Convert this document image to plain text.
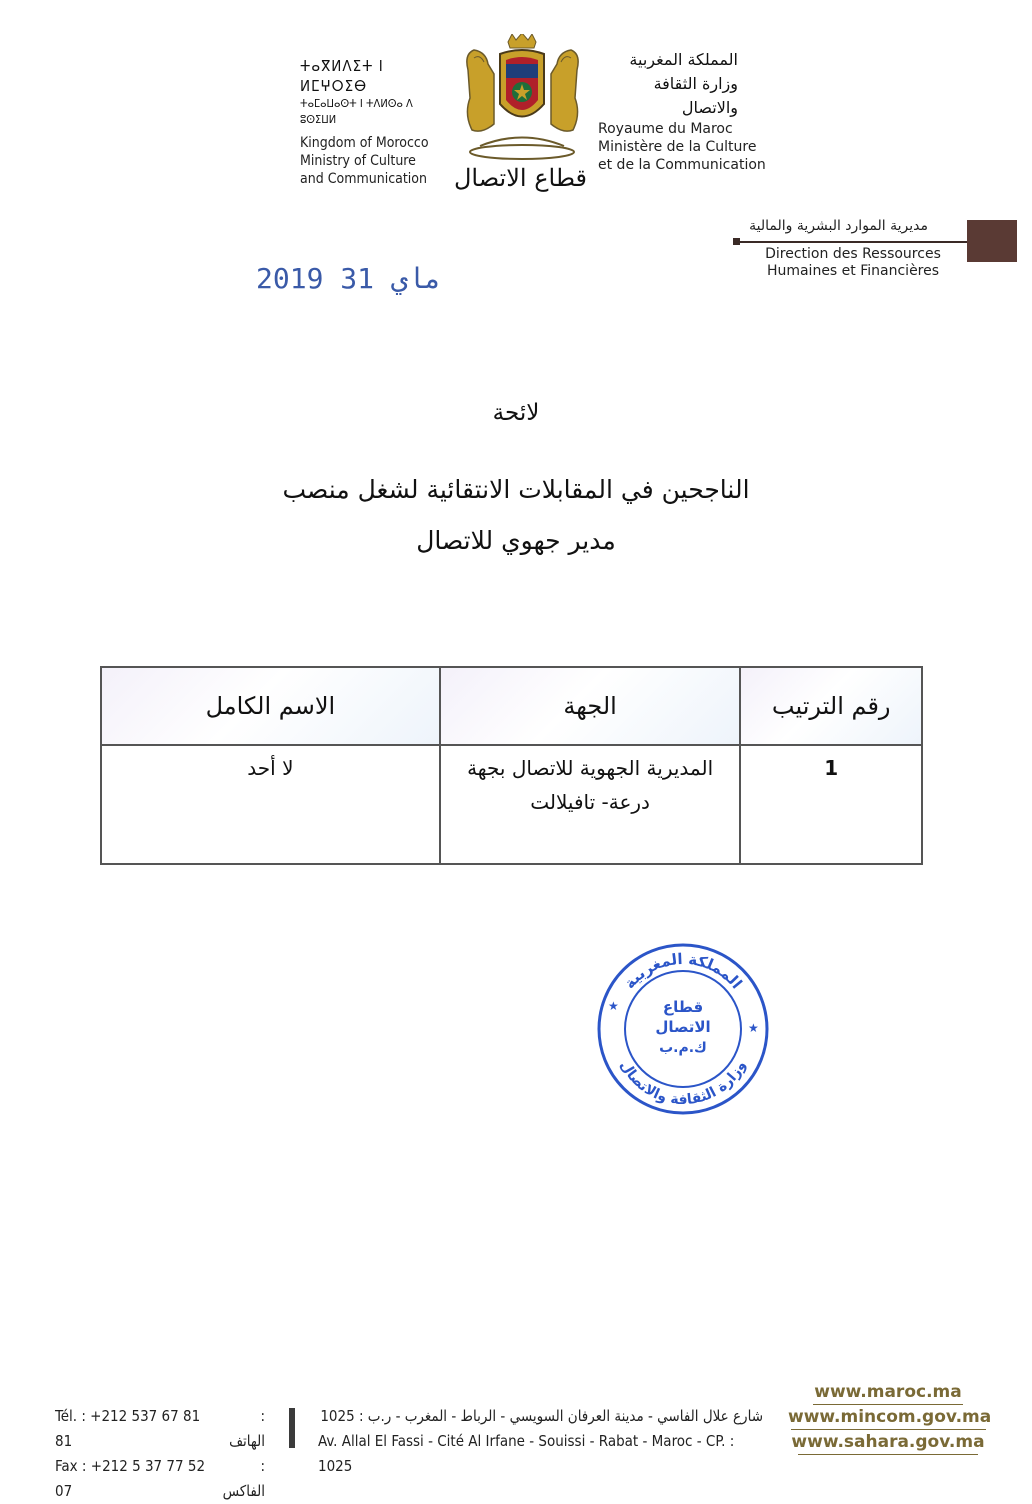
ⵜⴰⴳⵍⴷⵉⵜ ⵏ ⵍⵎⵖⵔⵉⴱ
ⵜⴰⵎⴰⵡⴰⵙⵜ ⵏ ⵜⴷⵍⵙⴰ ⴷ ⵓⵙⵉⵡⵍ
Kingdom of Morocco
Ministry of Culture
and Communication
المملكة المغربية
وزارة الثقافة والاتصال
Royaume du Maroc
Ministère de la Culture
et de la Communication
قطاع الاتصال
مديرية الموارد البشرية والمالية
Direction des Ressources
Humaines et Financières
2019 ماي 31
لائحة
الناجحين في المقابلات الانتقائية لشغل منصب
مدير جهوي للاتصال
رقم الترتيب	الجهة	الاسم الكامل
1	المديرية الجهوية للاتصال بجهة
درعة- تافيلالت	لا أحد
المملكة المغربية
وزارة الثقافة والاتصال
★
★
قطاع
الاتصال
ك.م.ب
Tél. : +212 537 67 81 81
: الهاتف
Fax : +212 5 37 77 52 07
: الفاكس
شارع علال الفاسي - مدينة العرفان السويسي - الرباط - المغرب - ر.ب : 1025
Av. Allal El Fassi - Cité Al Irfane - Souissi - Rabat - Maroc - CP. : 1025
www.maroc.ma
www.mincom.gov.ma
www.sahara.gov.ma
